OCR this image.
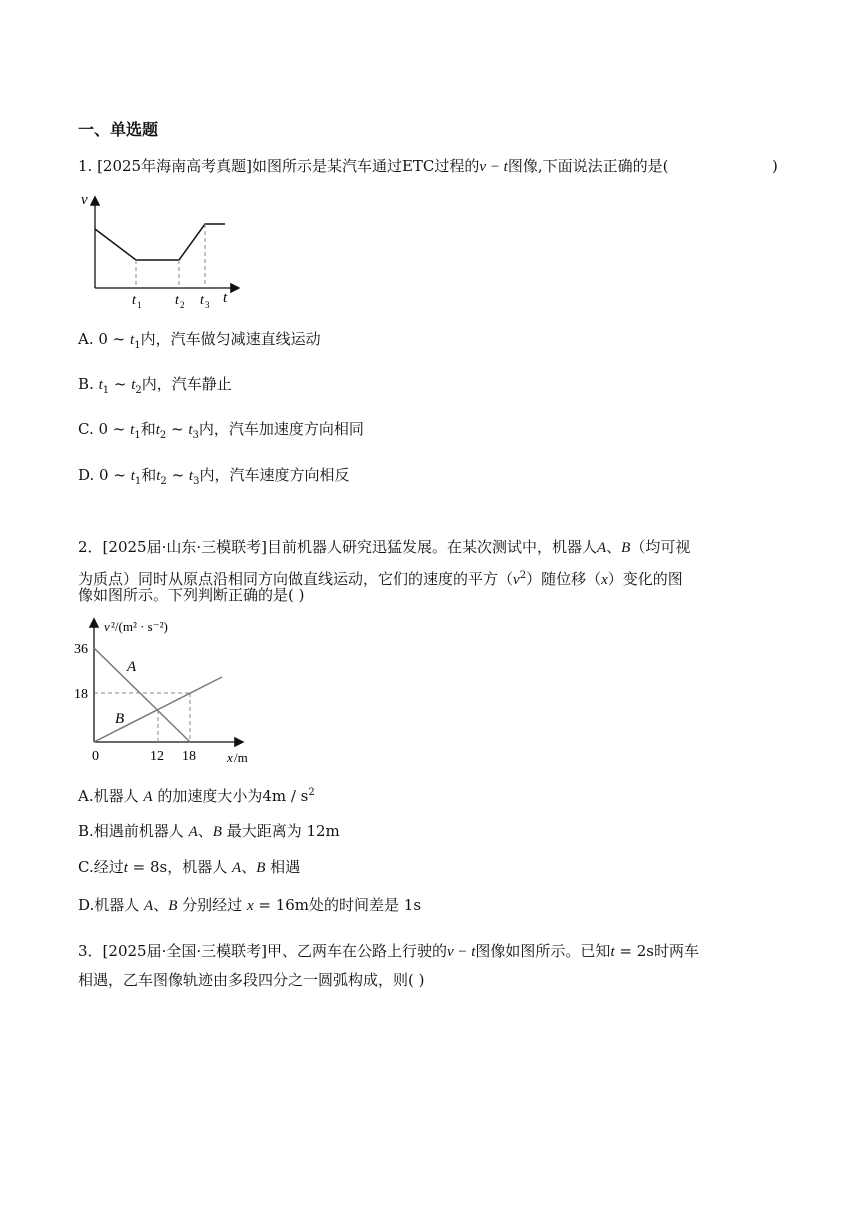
一、单选题
1. [2025年海南高考真题]如图所示是某汽车通过ETC过程的v − t图像,下面说法正确的是(	)
v
t
t 1 t 2 t 3
A. 0 ~ $t_1$内，汽车做匀减速直线运动
B. $t_1$ ~ $t_2$内，汽车静止
C. 0 ~ $t_1$和$t_2$ ~ $t_3$内，汽车加速度方向相同
D. 0 ~ $t_1$和$t_2$ ~ $t_3$内，汽车速度方向相反
2．[2025届·山东·三模联考]目前机器人研究迅猛发展。在某次测试中，机器人A、B（均可视
为质点）同时从原点沿相同方向做直线运动，它们的速度的平方$(v^2)$随位移（x）变化的图
像如图所示。下列判断正确的是( )
v ²/(m² · s⁻²)
36
18
0	12 18 x /m
A
B
A.机器人 A 的加速度大小为$4m / s^2$
B.相遇前机器人 A、B 最大距离为 12m
C.经过t = 8s，机器人 A、B 相遇
D.机器人 A、B 分别经过 x = 16m处的时间差是 1s
3．[2025届·全国·三模联考]甲、乙两车在公路上行驶的v − t图像如图所示。已知t = 2s时两车
相遇，乙车图像轨迹由多段四分之一圆弧构成，则( )
